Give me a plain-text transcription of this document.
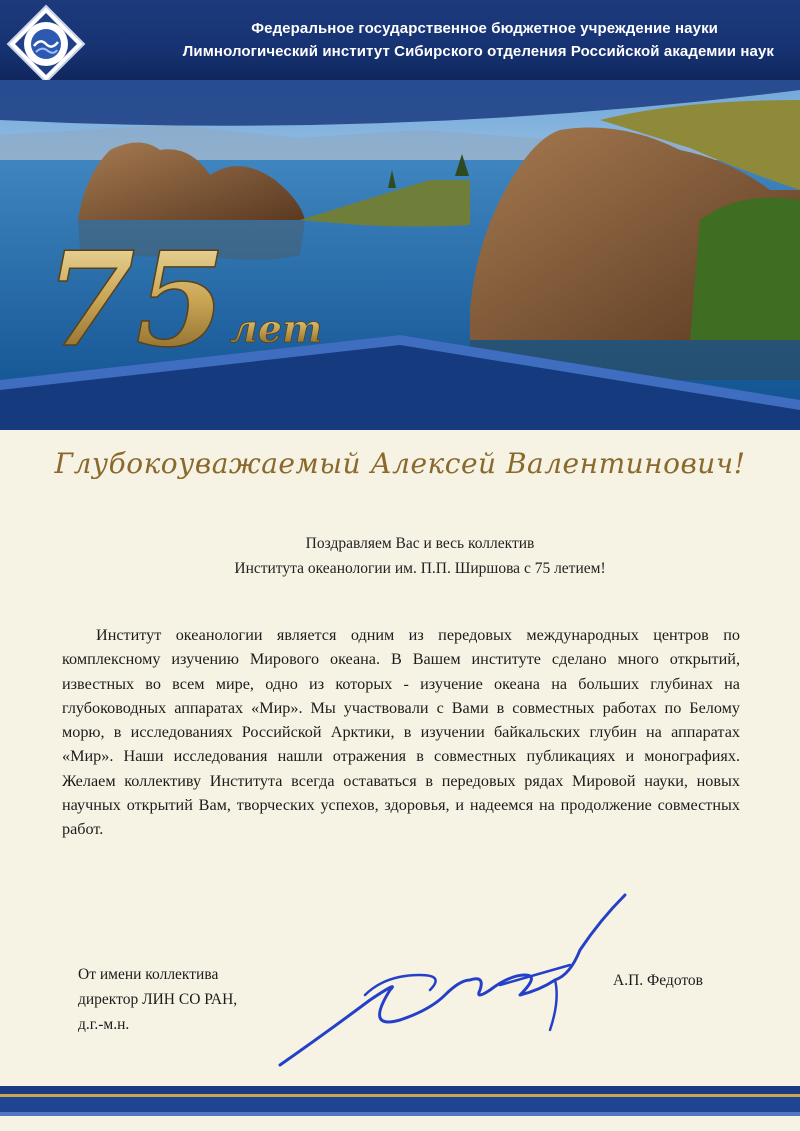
Федеральное государственное бюджетное учреждение науки
Лимнологический институт Сибирского отделения Российской академии наук
75 лет
Глубокоуважаемый Алексей Валентинович!
Поздравляем Вас и весь коллектив
Института океанологии им. П.П. Ширшова с 75 летием!
Институт океанологии является одним из передовых международных центров по комплексному изучению Мирового океана. В Вашем институте сделано много открытий, известных во всем мире, одно из которых - изучение океана на больших глубинах на глубоководных аппаратах «Мир». Мы участвовали с Вами в совместных работах по Белому морю, в исследованиях Российской Арктики, в изучении байкальских глубин на аппаратах «Мир». Наши исследования нашли отражения в совместных публикациях и монографиях. Желаем коллективу Института всегда оставаться в передовых рядах Мировой науки, новых научных открытий Вам, творческих успехов, здоровья, и надеемся на продолжение совместных работ.
От имени коллектива
директор ЛИН СО РАН,
д.г.-м.н.
А.П. Федотов
